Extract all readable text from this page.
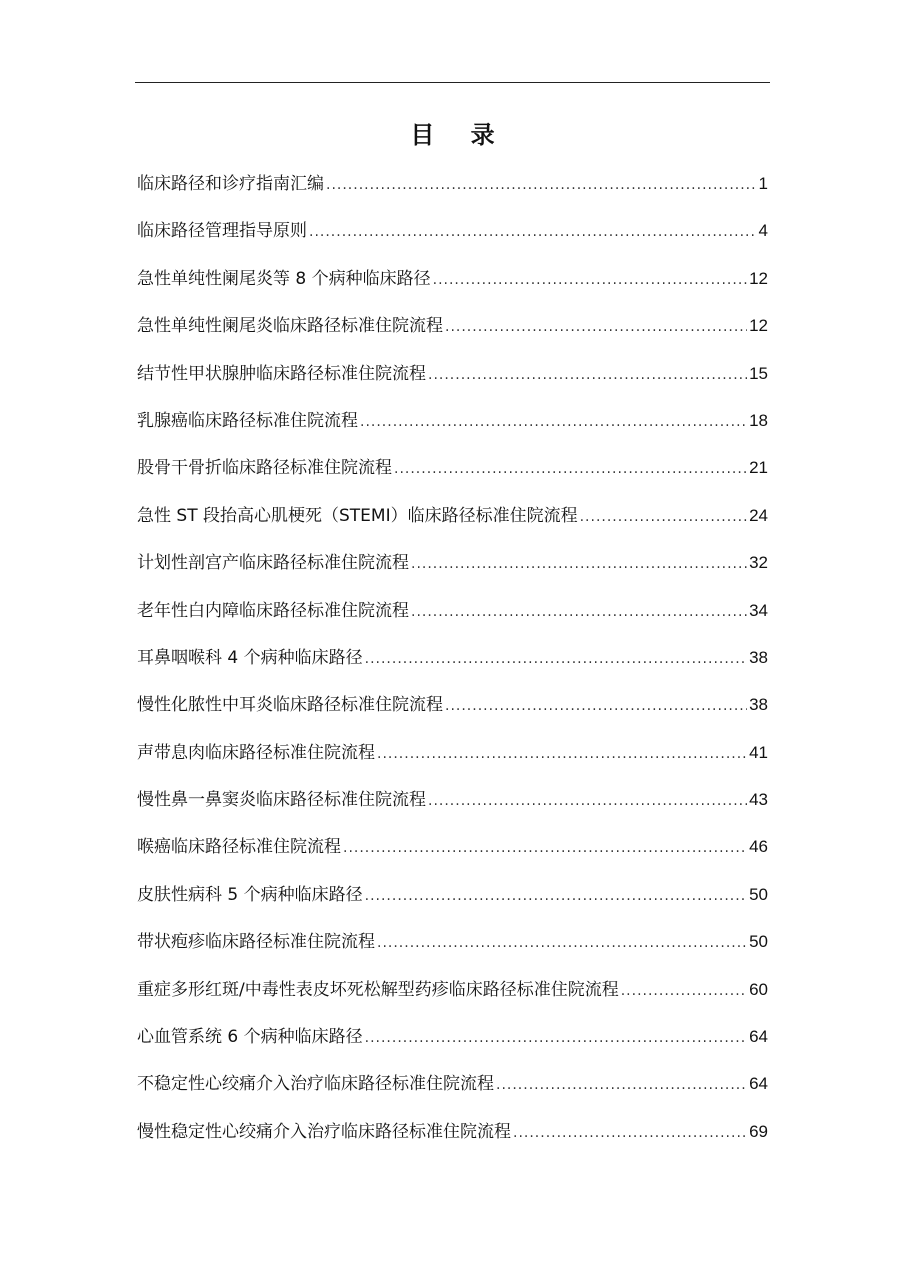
目 录
临床路径和诊疗指南汇编 .....	1
临床路径管理指导原则 .....	4
急性单纯性阑尾炎等 8 个病种临床路径 .....	12
急性单纯性阑尾炎临床路径标准住院流程 .....	12
结节性甲状腺肿临床路径标准住院流程 .....	15
乳腺癌临床路径标准住院流程 .....	18
股骨干骨折临床路径标准住院流程 .....	21
急性 ST 段抬高心肌梗死（STEMI）临床路径标准住院流程 .....	24
计划性剖宫产临床路径标准住院流程 .....	32
老年性白内障临床路径标准住院流程 .....	34
耳鼻咽喉科 4 个病种临床路径 .....	38
慢性化脓性中耳炎临床路径标准住院流程 .....	38
声带息肉临床路径标准住院流程 .....	41
慢性鼻一鼻窦炎临床路径标准住院流程 .....	43
喉癌临床路径标准住院流程 .....	46
皮肤性病科 5 个病种临床路径 .....	50
带状疱疹临床路径标准住院流程 .....	50
重症多形红斑/中毒性表皮坏死松解型药疹临床路径标准住院流程 .....	60
心血管系统 6 个病种临床路径 .....	64
不稳定性心绞痛介入治疗临床路径标准住院流程 .....	64
慢性稳定性心绞痛介入治疗临床路径标准住院流程 .....	69
